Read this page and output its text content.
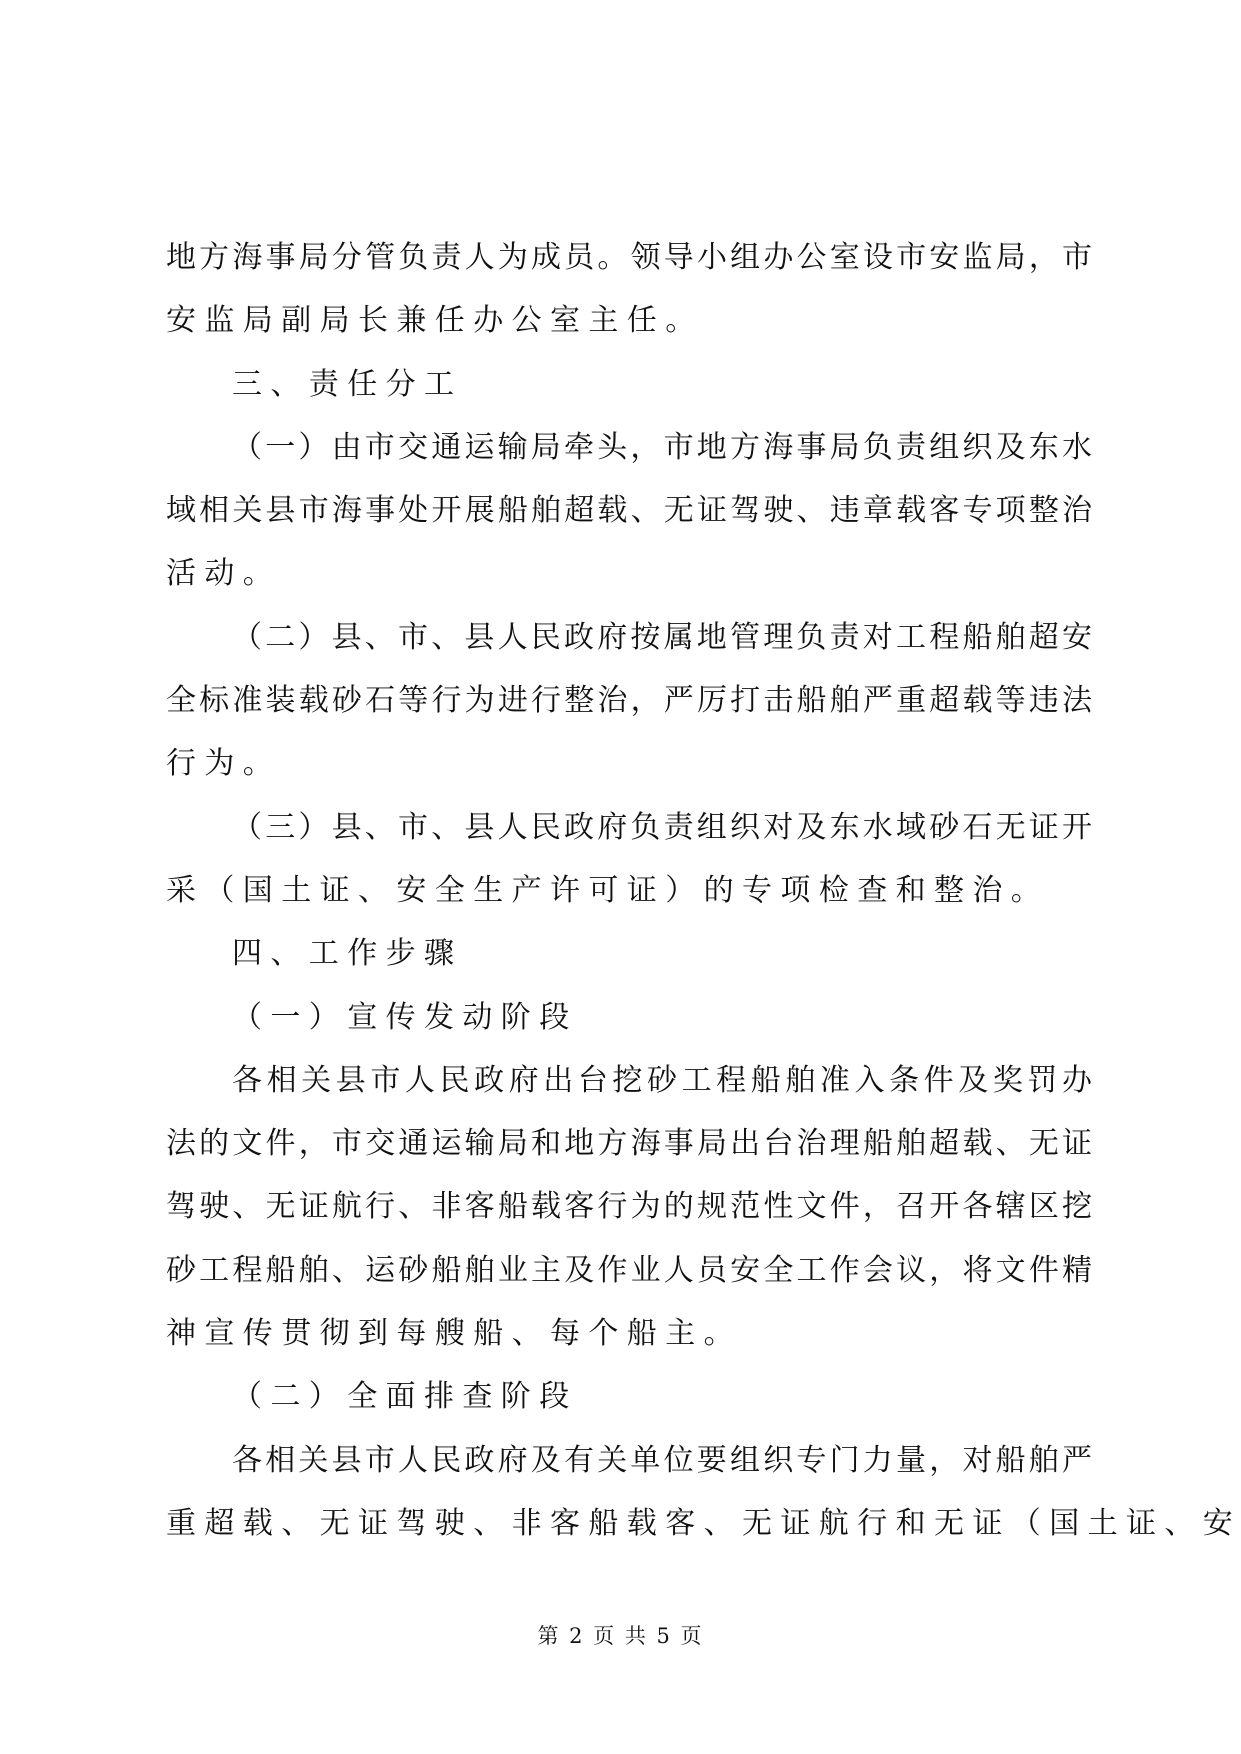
地方海事局分管负责人为成员。领导小组办公室设市安监局，市
安监局副局长兼任办公室主任。
三、责任分工
（一）由市交通运输局牵头，市地方海事局负责组织及东水
域相关县市海事处开展船舶超载、无证驾驶、违章载客专项整治
活动。
（二）县、市、县人民政府按属地管理负责对工程船舶超安
全标准装载砂石等行为进行整治，严厉打击船舶严重超载等违法
行为。
（三）县、市、县人民政府负责组织对及东水域砂石无证开
采（国土证、安全生产许可证）的专项检查和整治。
四、工作步骤
（一）宣传发动阶段
各相关县市人民政府出台挖砂工程船舶准入条件及奖罚办
法的文件，市交通运输局和地方海事局出台治理船舶超载、无证
驾驶、无证航行、非客船载客行为的规范性文件，召开各辖区挖
砂工程船舶、运砂船舶业主及作业人员安全工作会议，将文件精
神宣传贯彻到每艘船、每个船主。
（二）全面排查阶段
各相关县市人民政府及有关单位要组织专门力量，对船舶严
重超载、无证驾驶、非客船载客、无证航行和无证（国土证、安
第 2 页 共 5 页
